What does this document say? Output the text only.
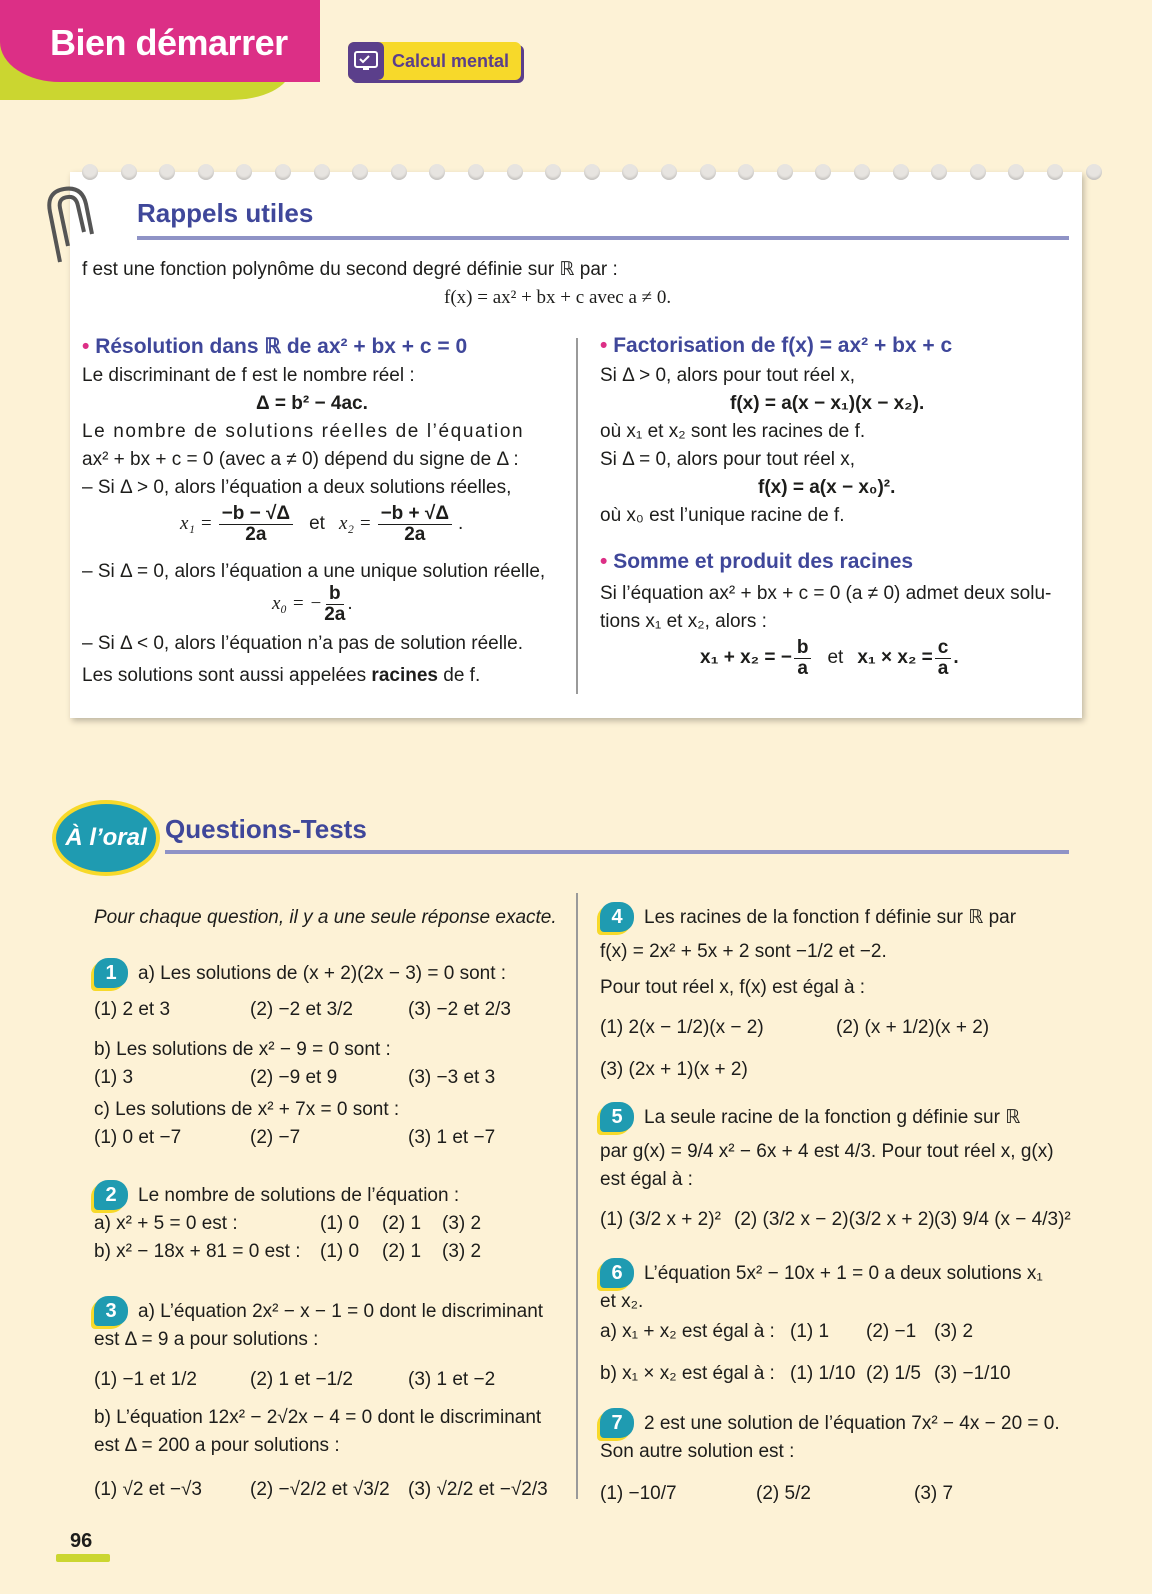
Bien démarrer	Calcul mental
Rappels utiles
f est une fonction polynôme du second degré définie sur ℝ par :
f(x) = ax² + bx + c avec a ≠ 0.
• Résolution dans ℝ de ax² + bx + c = 0
Le discriminant de f est le nombre réel :
Δ = b² − 4ac.
Le nombre de solutions réelles de l’équation
ax² + bx + c = 0 (avec a ≠ 0) dépend du signe de Δ :
– Si Δ > 0, alors l’équation a deux solutions réelles,
$x_1 = \frac{-b - √\Delta}{2a}$ et $x_2 = \frac{-b + √\Delta}{2a}$ .
– Si Δ = 0, alors l’équation a une unique solution réelle,
x₀ = − $\frac{b}{2a}$ .
– Si Δ < 0, alors l’équation n’a pas de solution réelle.
Les solutions sont aussi appelées racines de f.
• Factorisation de f(x) = ax² + bx + c
Si Δ > 0, alors pour tout réel x,
f(x) = a(x − x₁)(x − x₂).
où x₁ et x₂ sont les racines de f.
Si Δ = 0, alors pour tout réel x,
f(x) = a(x − x₀)².
où x₀ est l’unique racine de f.
• Somme et produit des racines
Si l’équation ax² + bx + c = 0 (a ≠ 0) admet deux solu-
tions x₁ et x₂, alors :
x₁ + x₂ = − $\frac{b}{a}$ et $x_1 \times x_2 = \frac{c}{a}$ .
À l’oral Questions-Tests
Pour chaque question, il y a une seule réponse exacte.
1 a) Les solutions de (x + 2)(2x − 3) = 0 sont :
(1) 2 et 3	(2) −2 et 3/2	(3) −2 et 2/3
b) Les solutions de x² − 9 = 0 sont :
(1) 3	(2) −9 et 9	(3) −3 et 3
c) Les solutions de x² + 7x = 0 sont :
(1) 0 et −7	(2) −7	(3) 1 et −7
2 Le nombre de solutions de l’équation :
a) x² + 5 = 0 est :	(1) 0 (2) 1 (3) 2
b) x² − 18x + 81 = 0 est : (1) 0 (2) 1 (3) 2
3 a) L’équation 2x² − x − 1 = 0 dont le discriminant
est Δ = 9 a pour solutions :
(1) −1 et 1/2	(2) 1 et −1/2	(3) 1 et −2
b) L’équation 12x² − 2√2x − 4 = 0 dont le discriminant
est Δ = 200 a pour solutions :
(1) √2 et −√3	(2) −√2/2 et √3/2 (3) √2/2 et −√2/3
4 Les racines de la fonction f définie sur ℝ par
f(x) = 2x² + 5x + 2 sont −1/2 et −2.
Pour tout réel x, f(x) est égal à :
(1) 2(x − 1/2)(x − 2)	(2) (x + 1/2)(x + 2)
(3) (2x + 1)(x + 2)
5 La seule racine de la fonction g définie sur ℝ
par g(x) = 9/4 x² − 6x + 4 est 4/3. Pour tout réel x, g(x)
est égal à :
(1) (3/2 x + 2)² (2) (3/2 x − 2)(3/2 x + 2) (3) 9/4 (x − 4/3)²
6 L’équation 5x² − 10x + 1 = 0 a deux solutions x₁
et x₂.
a) x₁ + x₂ est égal à : (1) 1 (2) −1 (3) 2
b) x₁ × x₂ est égal à : (1) 1/10 (2) 1/5 (3) −1/10
7 2 est une solution de l’équation 7x² − 4x − 20 = 0.
Son autre solution est :
(1) −10/7	(2) 5/2	(3) 7
96
